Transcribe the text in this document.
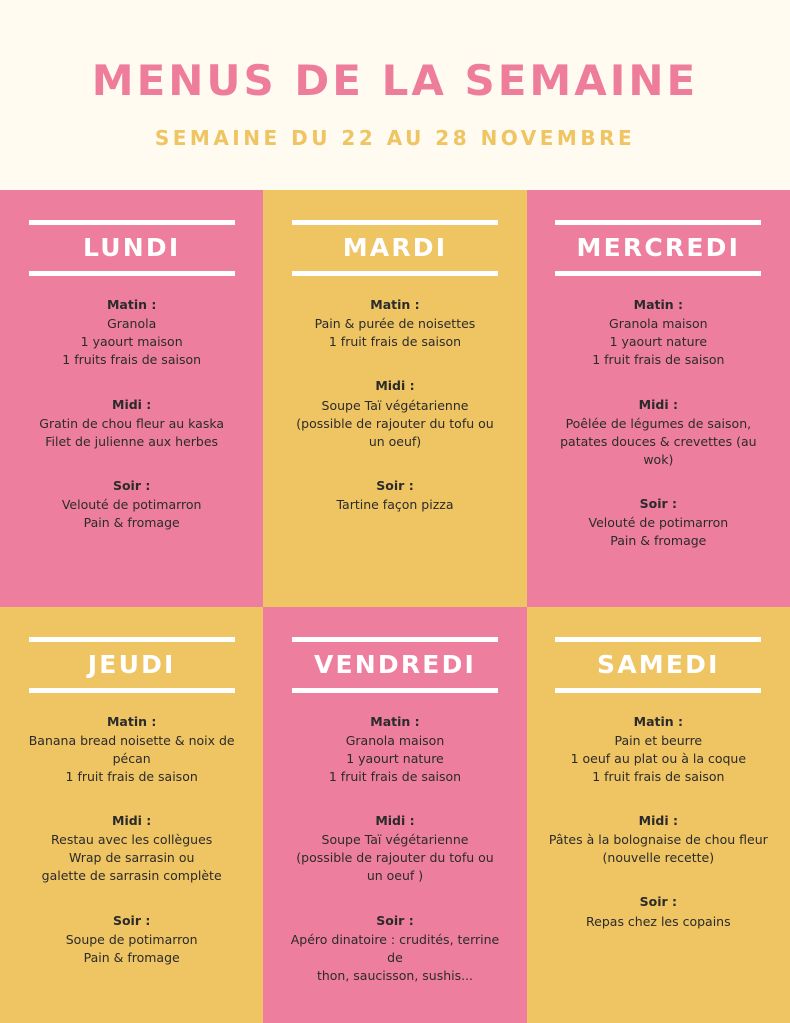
MENUS DE LA SEMAINE
SEMAINE DU 22 AU 28 NOVEMBRE
LUNDI
Matin :
Granola
1 yaourt maison
1 fruits frais de saison
Midi :
Gratin de chou fleur au kaska
Filet de julienne aux herbes
Soir :
Velouté de potimarron
Pain & fromage
MARDI
Matin :
Pain & purée de noisettes
1 fruit frais de saison
Midi :
Soupe Taï végétarienne
(possible de rajouter du tofu ou
un oeuf)
Soir :
Tartine façon pizza
MERCREDI
Matin :
Granola maison
1 yaourt nature
1 fruit frais de saison
Midi :
Poêlée de légumes de saison,
patates douces & crevettes (au wok)
Soir :
Velouté de potimarron
Pain & fromage
JEUDI
Matin :
Banana bread noisette & noix de
pécan
1 fruit frais de saison
Midi :
Restau avec les collègues
Wrap de sarrasin ou
galette de sarrasin complète
Soir :
Soupe de potimarron
Pain & fromage
VENDREDI
Matin :
Granola maison
1 yaourt nature
1 fruit frais de saison
Midi :
Soupe Taï végétarienne
(possible de rajouter du tofu ou
un oeuf )
Soir :
Apéro dinatoire : crudités, terrine de
thon, saucisson, sushis...
SAMEDI
Matin :
Pain et beurre
1 oeuf au plat ou à la coque
1 fruit frais de saison
Midi :
Pâtes à la bolognaise de chou fleur
(nouvelle recette)
Soir :
Repas chez les copains
